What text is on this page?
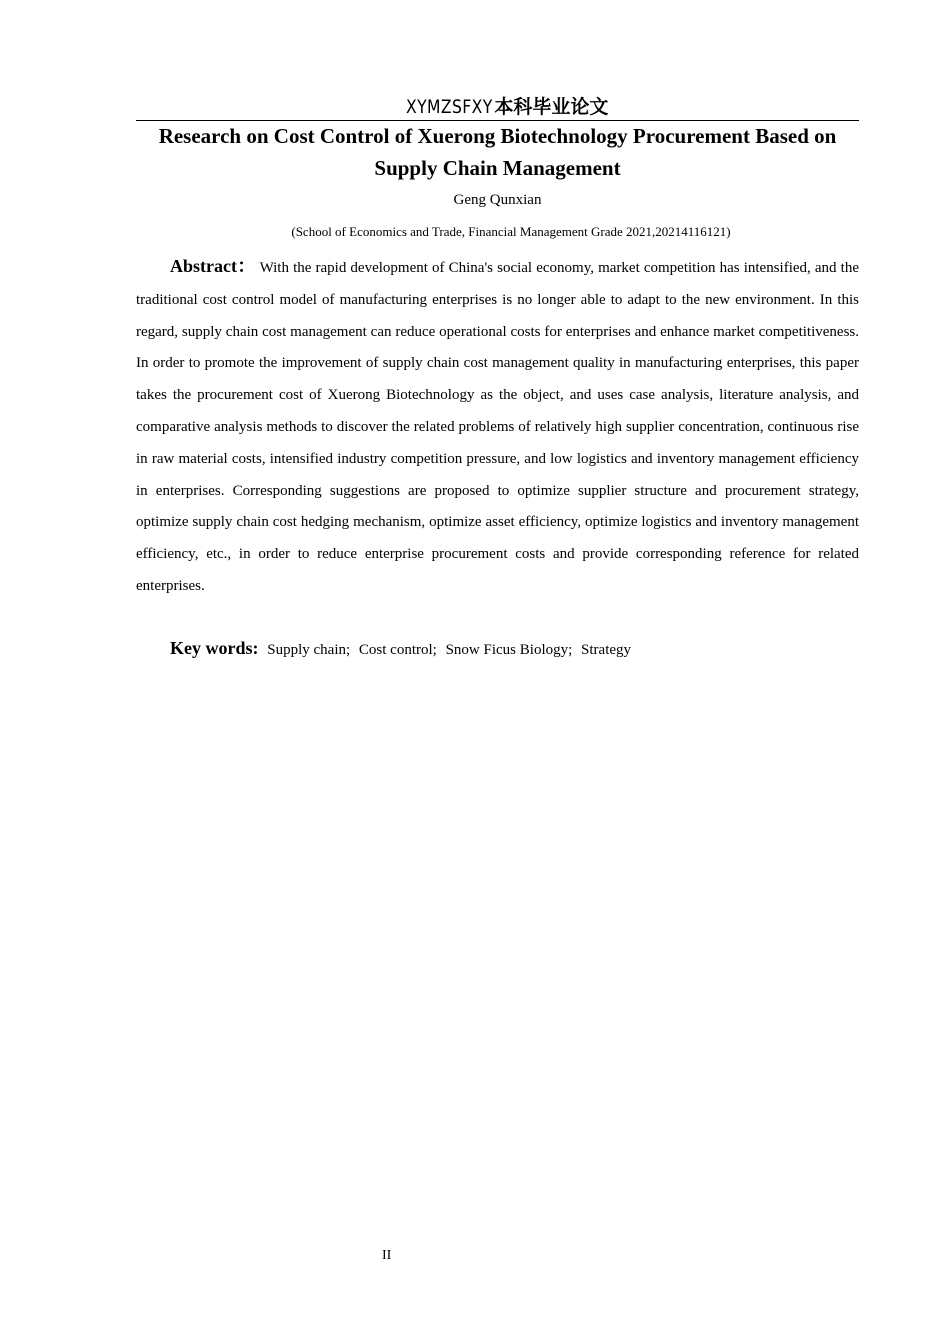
XYMZSFXY 本科毕业论文
Research on Cost Control of Xuerong Biotechnology Procurement Based on Supply Chain Management
Geng Qunxian
(School of Economics and Trade, Financial Management Grade 2021,20214116121)

Abstract： With the rapid development of China's social economy, market competition has intensified, and the traditional cost control model of manufacturing enterprises is no longer able to adapt to the new environment. In this regard, supply chain cost management can reduce operational costs for enterprises and enhance market competitiveness. In order to promote the improvement of supply chain cost management quality in manufacturing enterprises, this paper takes the procurement cost of Xuerong Biotechnology as the object, and uses case analysis, literature analysis, and comparative analysis methods to discover the related problems of relatively high supplier concentration, continuous rise in raw material costs, intensified industry competition pressure, and low logistics and inventory management efficiency in enterprises. Corresponding suggestions are proposed to optimize supplier structure and procurement strategy, optimize supply chain cost hedging mechanism, optimize asset efficiency, optimize logistics and inventory management efficiency, etc., in order to reduce enterprise procurement costs and provide corresponding reference for related enterprises.

Key words: Supply chain; Cost control; Snow Ficus Biology; Strategy
II
